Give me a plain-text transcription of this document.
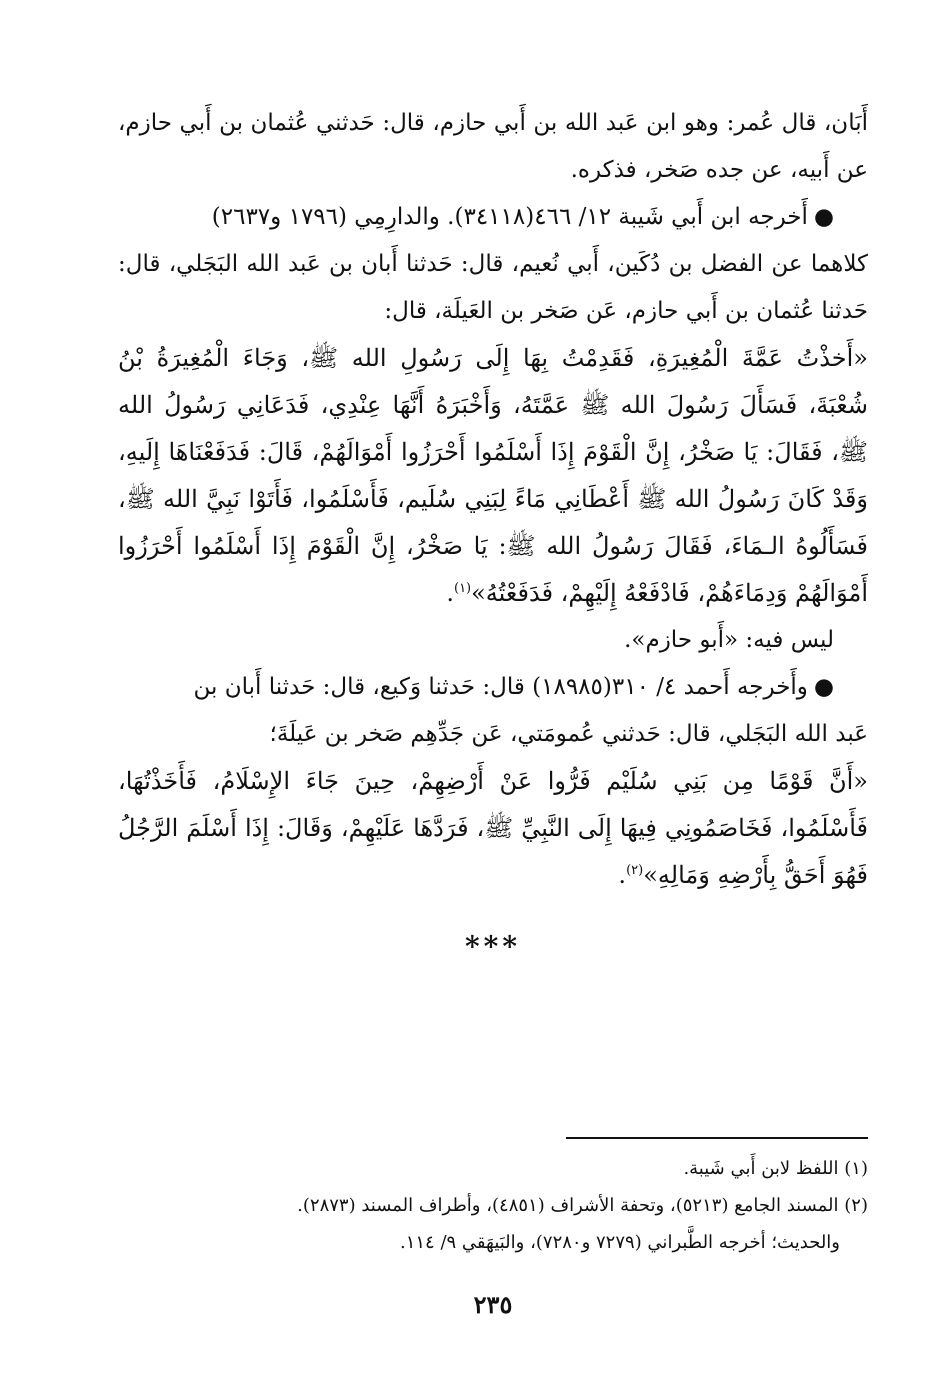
أَبَان، قال عُمر: وهو ابن عَبد الله بن أَبي حازم، قال: حَدثني عُثمان بن أَبي حازم، عن أَبيه، عن جده صَخر، فذكره.

●أَخرجه ابن أَبي شَيبة ١٢/ ٤٦٦(٣٤١١٨). والدارِمِي (١٧٩٦ و٢٦٣٧)

كلاهما عن الفضل بن دُكَين، أَبي نُعيم، قال: حَدثنا أَبان بن عَبد الله البَجَلي، قال: حَدثنا عُثمان بن أَبي حازم، عَن صَخر بن العَيلَة، قال:

«أَخذْتُ عَمَّةَ الْمُغِيرَةِ، فَقَدِمْتُ بِهَا إِلَى رَسُولِ الله ﷺ، وَجَاءَ الْمُغِيرَةُ بْنُ شُعْبَةَ، فَسَأَلَ رَسُولَ الله ﷺ عَمَّتَهُ، وَأَخْبَرَهُ أَنَّهَا عِنْدِي، فَدَعَانِي رَسُولُ الله ﷺ، فَقَالَ: يَا صَخْرُ، إِنَّ الْقَوْمَ إِذَا أَسْلَمُوا أَحْرَزُوا أَمْوَالَهُمْ، قَالَ: فَدَفَعْنَاهَا إِلَيهِ، وَقَدْ كَانَ رَسُولُ الله ﷺ أَعْطَانِي مَاءً لِبَنِي سُلَيم، فَأَسْلَمُوا، فَأَتَوْا نَبِيَّ الله ﷺ، فَسَأَلُوهُ الـمَاءَ، فَقَالَ رَسُولُ الله ﷺ: يَا صَخْرُ، إِنَّ الْقَوْمَ إِذَا أَسْلَمُوا أَحْرَزُوا أَمْوَالَهُمْ وَدِمَاءَهُمْ، فَادْفَعْهُ إِلَيْهِمْ، فَدَفَعْتُهُ»$^{(١)}$.

ليس فيه: «أَبو حازم».

●وأَخرجه أَحمد ٤/ ٣١٠(١٨٩٨٥) قال: حَدثنا وَكيع، قال: حَدثنا أَبان بن

عَبد الله البَجَلي، قال: حَدثني عُمومَتي، عَن جَدِّهِم صَخر بن عَيلَةَ؛

«أَنَّ قَوْمًا مِن بَنِي سُلَيْم فَرُّوا عَنْ أَرْضِهِمْ، حِينَ جَاءَ الإِسْلَامُ، فَأَخَذْتُهَا، فَأَسْلَمُوا، فَخَاصَمُونِي فِيهَا إِلَى النَّبِيِّ ﷺ، فَرَدَّهَا عَلَيْهِمْ، وَقَالَ: إِذَا أَسْلَمَ الرَّجُلُ فَهُوَ أَحَقُّ بِأَرْضِهِ وَمَالِهِ»$^{(٢)}$.

***

(١) اللفظ لابن أَبي شَيبة.

(٢) المسند الجامع (٥٢١٣)، وتحفة الأشراف (٤٨٥١)، وأطراف المسند (٢٨٧٣).

والحديث؛ أخرجه الطَّبراني (٧٢٧٩ و٧٢٨٠)، والبَيهَقي ٩/ ١١٤.

٢٣٥
